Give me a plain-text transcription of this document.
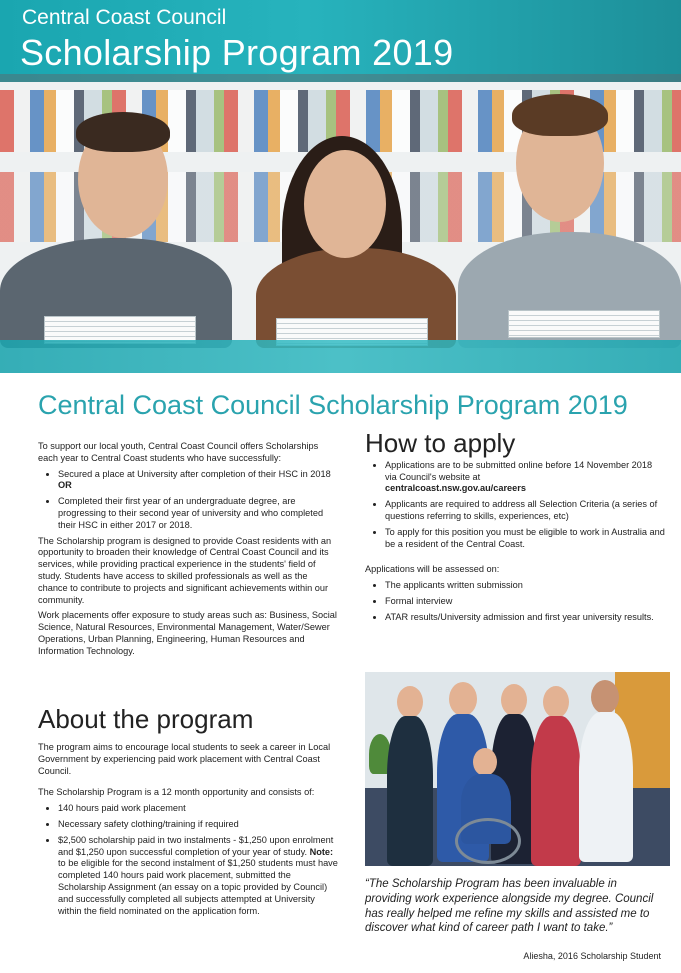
Central Coast Council
Scholarship Program 2019
Central Coast Council Scholarship Program 2019

To support our local youth, Central Coast Council offers Scholarships each year to Central Coast students who have successfully:

• Secured a place at University after completion of their HSC in 2018 OR
• Completed their first year of an undergraduate degree, are progressing to their second year of university and who completed their HSC in either 2017 or 2018.

The Scholarship program is designed to provide Coast residents with an opportunity to broaden their knowledge of Central Coast Council and its services, while providing practical experience in the students' field of study. Students have access to skilled professionals as well as the chance to contribute to projects and significant achievements within our community.

Work placements offer exposure to study areas such as: Business, Social Science, Natural Resources, Environmental Management, Water/Sewer Operations, Urban Planning, Engineering, Human Resources and Information Technology.

About the program

The program aims to encourage local students to seek a career in Local Government by experiencing paid work placement with Central Coast Council.

The Scholarship Program is a 12 month opportunity and consists of:

• 140 hours paid work placement
• Necessary safety clothing/training if required
• $2,500 scholarship paid in two instalments - $1,250 upon enrolment and $1,250 upon successful completion of your year of study. Note: to be eligible for the second instalment of $1,250 students must have completed 140 hours paid work placement, submitted the Scholarship Assignment (an essay on a topic provided by Council) and successfully completed all subjects attempted at University within the field nominated on the application form.
How to apply
• Applications are to be submitted online before 14 November 2018 via Council's website at
centralcoast.nsw.gov.au/careers
• Applicants are required to address all Selection Criteria (a series of questions referring to skills, experiences, etc)
• To apply for this position you must be eligible to work in Australia and be a resident of the Central Coast.

Applications will be assessed on:

• The applicants written submission
• Formal interview
• ATAR results/University admission and first year university results.
“The Scholarship Program has been invaluable in providing work experience alongside my degree. Council has really helped me refine my skills and assisted me to discover what kind of career path I want to take.”
Aliesha, 2016 Scholarship Student
